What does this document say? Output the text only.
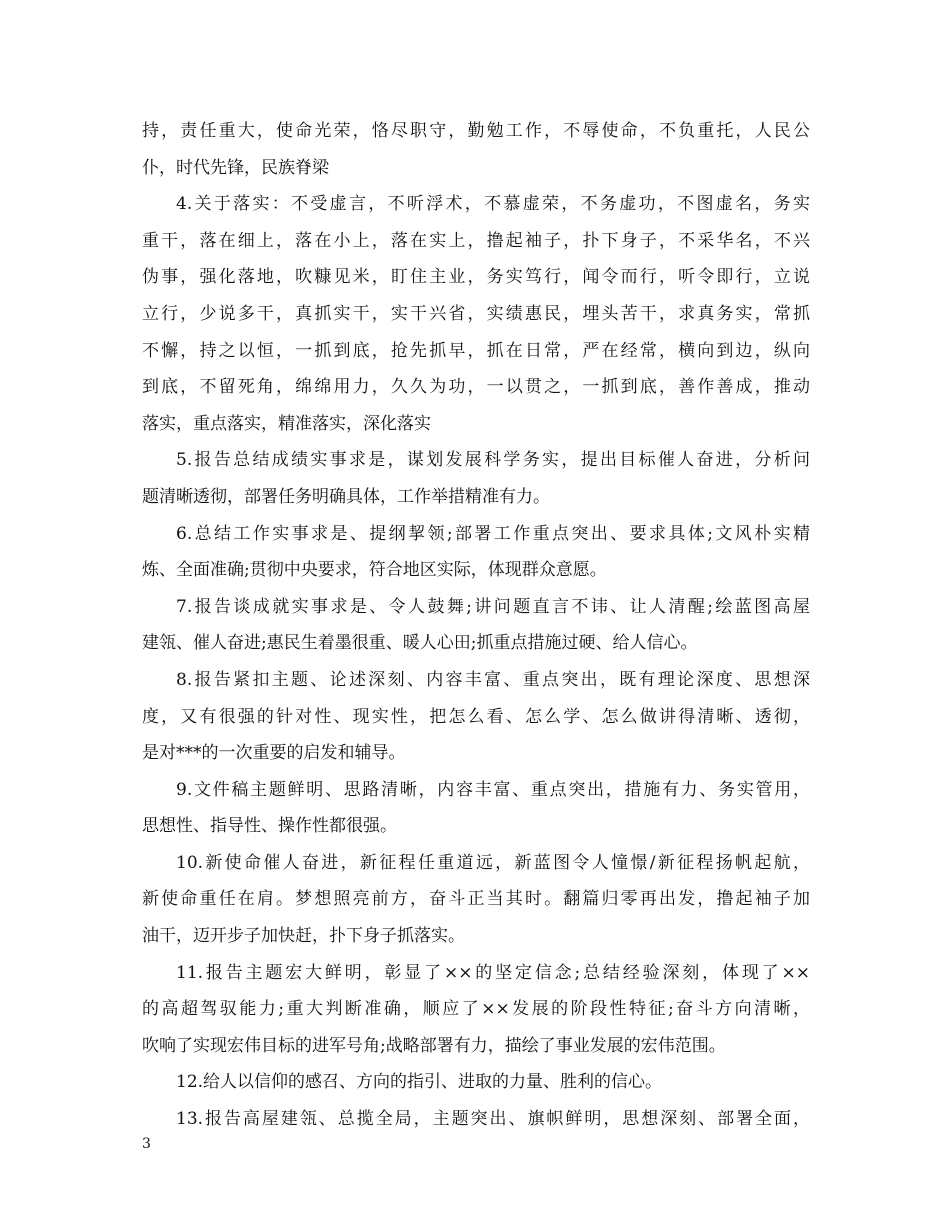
持，责任重大，使命光荣，恪尽职守，勤勉工作，不辱使命，不负重托，人民公
仆，时代先锋，民族脊梁
4.关于落实：不受虚言，不听浮术，不慕虚荣，不务虚功，不图虚名，务实
重干，落在细上，落在小上，落在实上，撸起袖子，扑下身子，不采华名，不兴
伪事，强化落地，吹糠见米，盯住主业，务实笃行，闻令而行，听令即行，立说
立行，少说多干，真抓实干，实干兴省，实绩惠民，埋头苦干，求真务实，常抓
不懈，持之以恒，一抓到底，抢先抓早，抓在日常，严在经常，横向到边，纵向
到底，不留死角，绵绵用力，久久为功，一以贯之，一抓到底，善作善成，推动
落实，重点落实，精准落实，深化落实
5.报告总结成绩实事求是，谋划发展科学务实，提出目标催人奋进，分析问
题清晰透彻，部署任务明确具体，工作举措精准有力。
6.总结工作实事求是、提纲挈领;部署工作重点突出、要求具体;文风朴实精
炼、全面准确;贯彻中央要求，符合地区实际，体现群众意愿。
7.报告谈成就实事求是、令人鼓舞;讲问题直言不讳、让人清醒;绘蓝图高屋
建瓴、催人奋进;惠民生着墨很重、暖人心田;抓重点措施过硬、给人信心。
8.报告紧扣主题、论述深刻、内容丰富、重点突出，既有理论深度、思想深
度，又有很强的针对性、现实性，把怎么看、怎么学、怎么做讲得清晰、透彻，
是对***的一次重要的启发和辅导。
9.文件稿主题鲜明、思路清晰，内容丰富、重点突出，措施有力、务实管用，
思想性、指导性、操作性都很强。
10.新使命催人奋进，新征程任重道远，新蓝图令人憧憬/新征程扬帆起航，
新使命重任在肩。梦想照亮前方，奋斗正当其时。翻篇归零再出发，撸起袖子加
油干，迈开步子加快赶，扑下身子抓落实。
11.报告主题宏大鲜明，彰显了××的坚定信念;总结经验深刻，体现了××
的高超驾驭能力;重大判断准确，顺应了××发展的阶段性特征;奋斗方向清晰，
吹响了实现宏伟目标的进军号角;战略部署有力，描绘了事业发展的宏伟范围。
12.给人以信仰的感召、方向的指引、进取的力量、胜利的信心。
13.报告高屋建瓴、总揽全局，主题突出、旗帜鲜明，思想深刻、部署全面，
3
